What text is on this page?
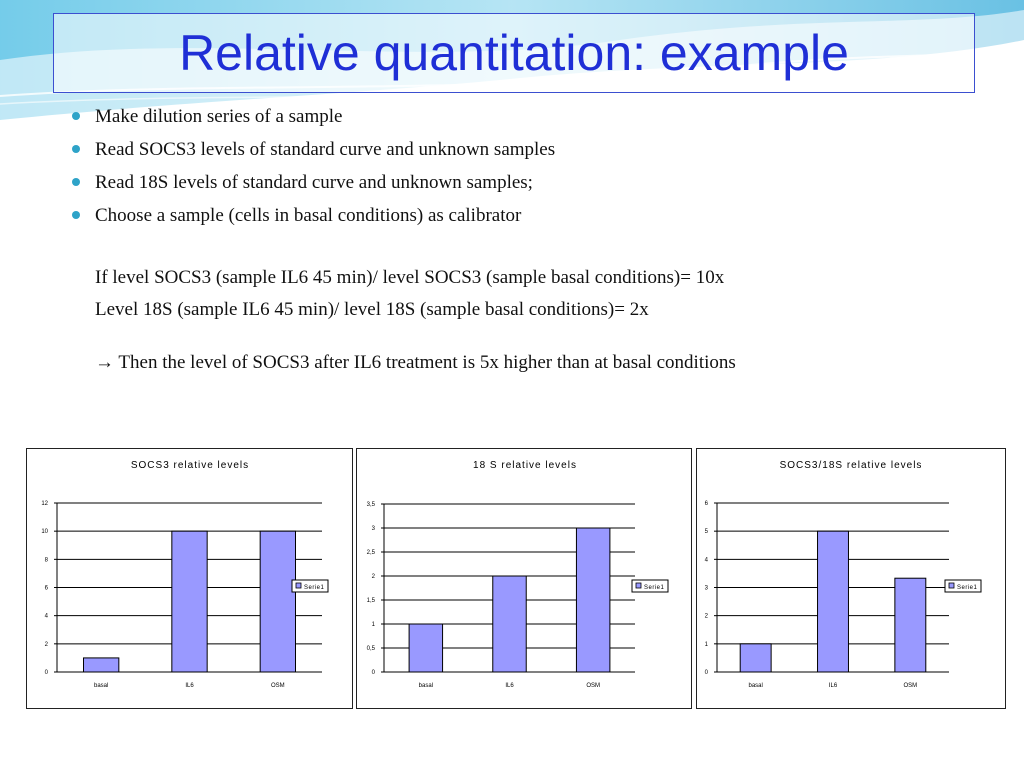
Relative quantitation: example
Make dilution series of a sample
Read SOCS3 levels of standard curve and unknown samples
Read 18S levels of standard curve and unknown samples;
Choose a sample (cells in basal conditions) as calibrator
If level SOCS3 (sample IL6 45 min)/ level SOCS3 (sample basal conditions)= 10x
Level 18S (sample IL6 45 min)/ level 18S (sample basal conditions)= 2x
→ Then the level of SOCS3 after IL6 treatment is 5x higher than at basal conditions
SOCS3 relative levels
0
2
4
6
8
10
12
basal	IL6	OSM
Serie1
18 S relative levels
0
0,5
1
1,5
2
2,5
3
3,5
basal	IL6	OSM
Serie1
SOCS3/18S relative levels
0
1
2
3
4
5
6
basal	IL6	OSM
Serie1
